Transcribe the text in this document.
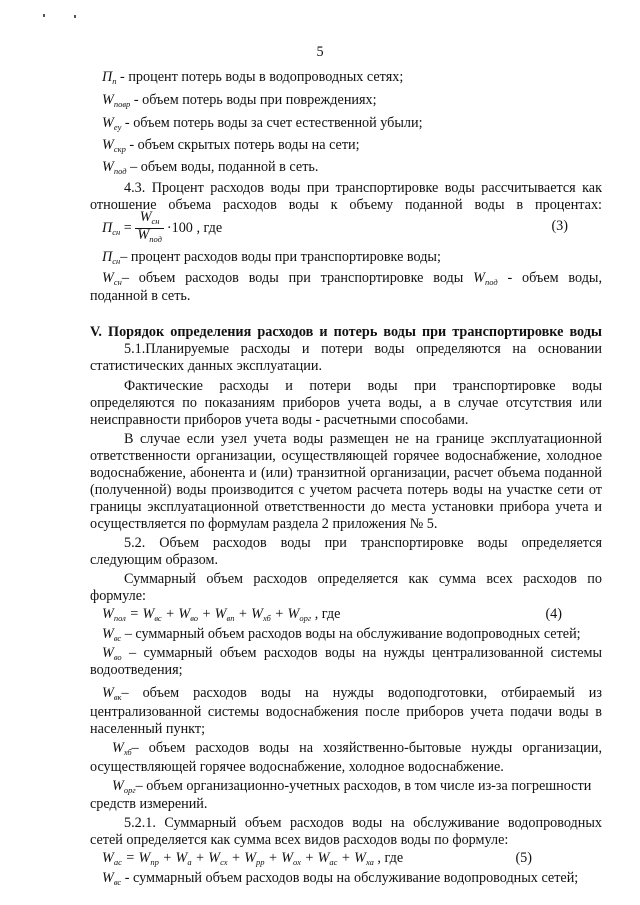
5
$П_п$ - процент потерь воды в водопроводных сетях;
$W_{повр}$ - объем потерь воды при повреждениях;
$W_{еу}$ - объем потерь воды за счет естественной убыли;
$W_{скр}$ - объем скрытых потерь воды на сети;
$W_{под}$ – объем воды, поданной в сеть.
4.3. Процент расходов воды при транспортировке воды рассчитывается как
отношение объема расходов воды к объему поданной воды в процентах:
$П_{сн} = \frac{W_{сн}}{W_{под}} \cdot 100$ , где	(3)
$П_{сн}-$ процент расходов воды при транспортировке воды;
$W_{сн}-$ объем расходов воды при транспортировке воды $W_{под}$ - объем воды,
поданной в сеть.
V. Порядок определения расходов и потерь воды при транспортировке воды
5.1.Планируемые расходы и потери воды определяются на основании
статистических данных эксплуатации.
Фактические расходы и потери воды при транспортировке воды
определяются по показаниям приборов учета воды, а в случае отсутствия или
неисправности приборов учета воды - расчетными способами.
В случае если узел учета воды размещен не на границе эксплуатационной
ответственности организации, осуществляющей горячее водоснабжение, холодное
водоснабжение, абонента и (или) транзитной организации, расчет объема поданной
(полученной) воды производится с учетом расчета потерь воды на участке сети от
границы эксплуатационной ответственности до места установки прибора учета и
осуществляется по формулам раздела 2 приложения № 5.
5.2. Объем расходов воды при транспортировке воды определяется
следующим образом.
Суммарный объем расходов определяется как сумма всех расходов по
формуле:
$W_{пол} = W_{вс} + W_{во} + W_{вп} + W_{хб} + W_{орг}$ , где	(4)
$W_{вс}$ – суммарный объем расходов воды на обслуживание водопроводных сетей;
$W_{во}$ – суммарный объем расходов воды на нужды централизованной системы
водоотведения;
$W_{вк}-$ объем расходов воды на нужды водоподготовки, отбираемый из
централизованной системы водоснабжения после приборов учета подачи воды в
населенный пункт;
$W_{хб}-$ объем расходов воды на хозяйственно-бытовые нужды организации,
осуществляющей горячее водоснабжение, холодное водоснабжение.
$W_{орг}-$ объем организационно-учетных расходов, в том числе из-за погрешности
средств измерений.
5.2.1. Суммарный объем расходов воды на обслуживание водопроводных
сетей определяется как сумма всех видов расходов воды по формуле:
$W_{ас} = W_{пр} + W_а + W_{сх} + W_{рр} + W_{ох} + W_{ас} + W_{ха}$ , где	(5)
$W_{вс}$ - суммарный объем расходов воды на обслуживание водопроводных сетей;
